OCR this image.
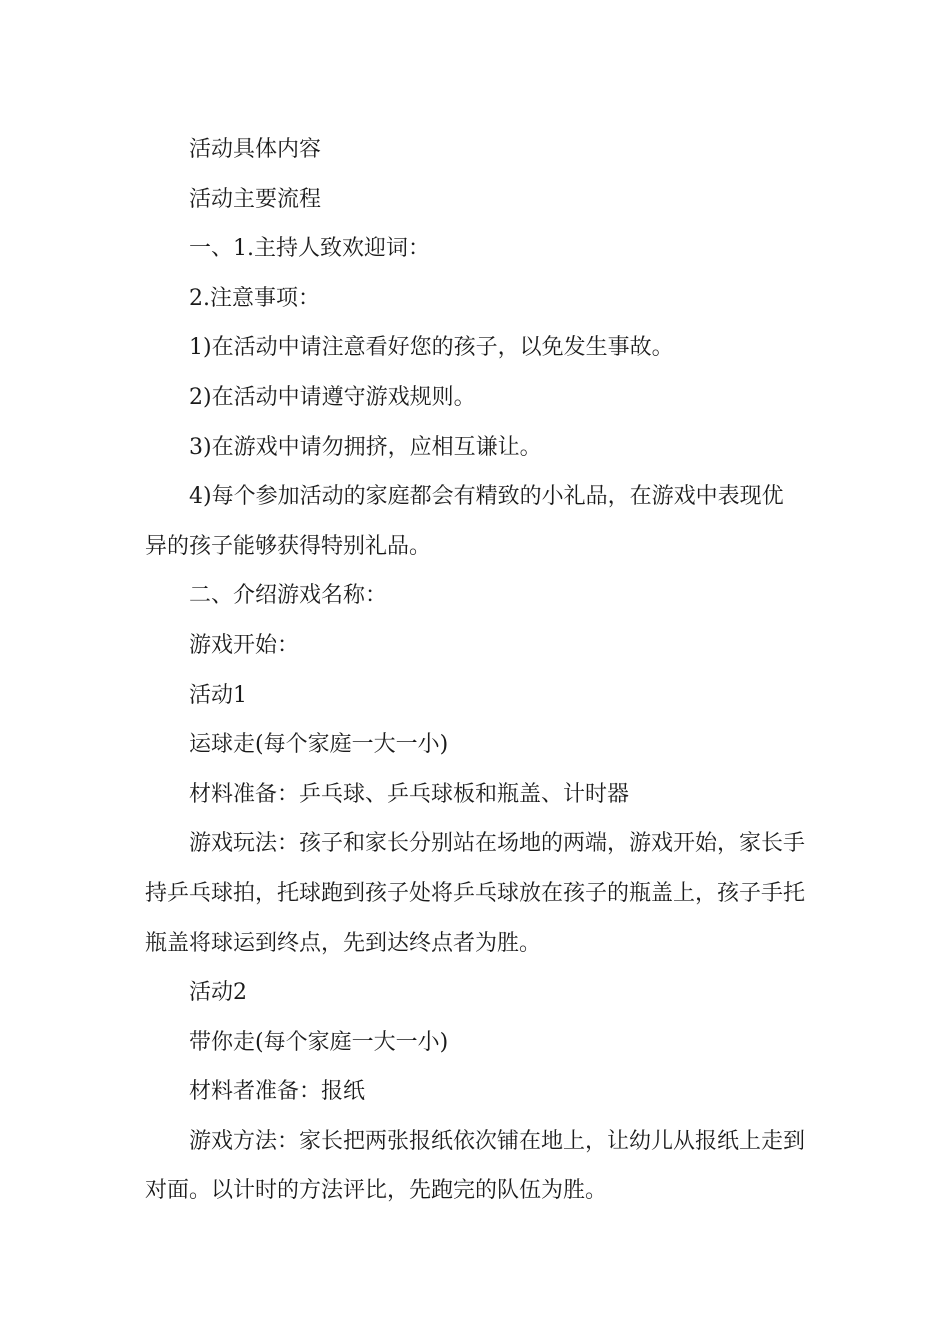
活动具体内容

活动主要流程

一、1.主持人致欢迎词：

2.注意事项：

1)在活动中请注意看好您的孩子，以免发生事故。

2)在活动中请遵守游戏规则。

3)在游戏中请勿拥挤，应相互谦让。

4)每个参加活动的家庭都会有精致的小礼品，在游戏中表现优异的孩子能够获得特别礼品。

二、介绍游戏名称：

游戏开始：

活动1

运球走(每个家庭一大一小)

材料准备：乒乓球、乒乓球板和瓶盖、计时器

游戏玩法：孩子和家长分别站在场地的两端，游戏开始，家长手持乒乓球拍，托球跑到孩子处将乒乓球放在孩子的瓶盖上，孩子手托瓶盖将球运到终点，先到达终点者为胜。

活动2

带你走(每个家庭一大一小)

材料者准备：报纸

游戏方法：家长把两张报纸依次铺在地上，让幼儿从报纸上走到对面。以计时的方法评比，先跑完的队伍为胜。
